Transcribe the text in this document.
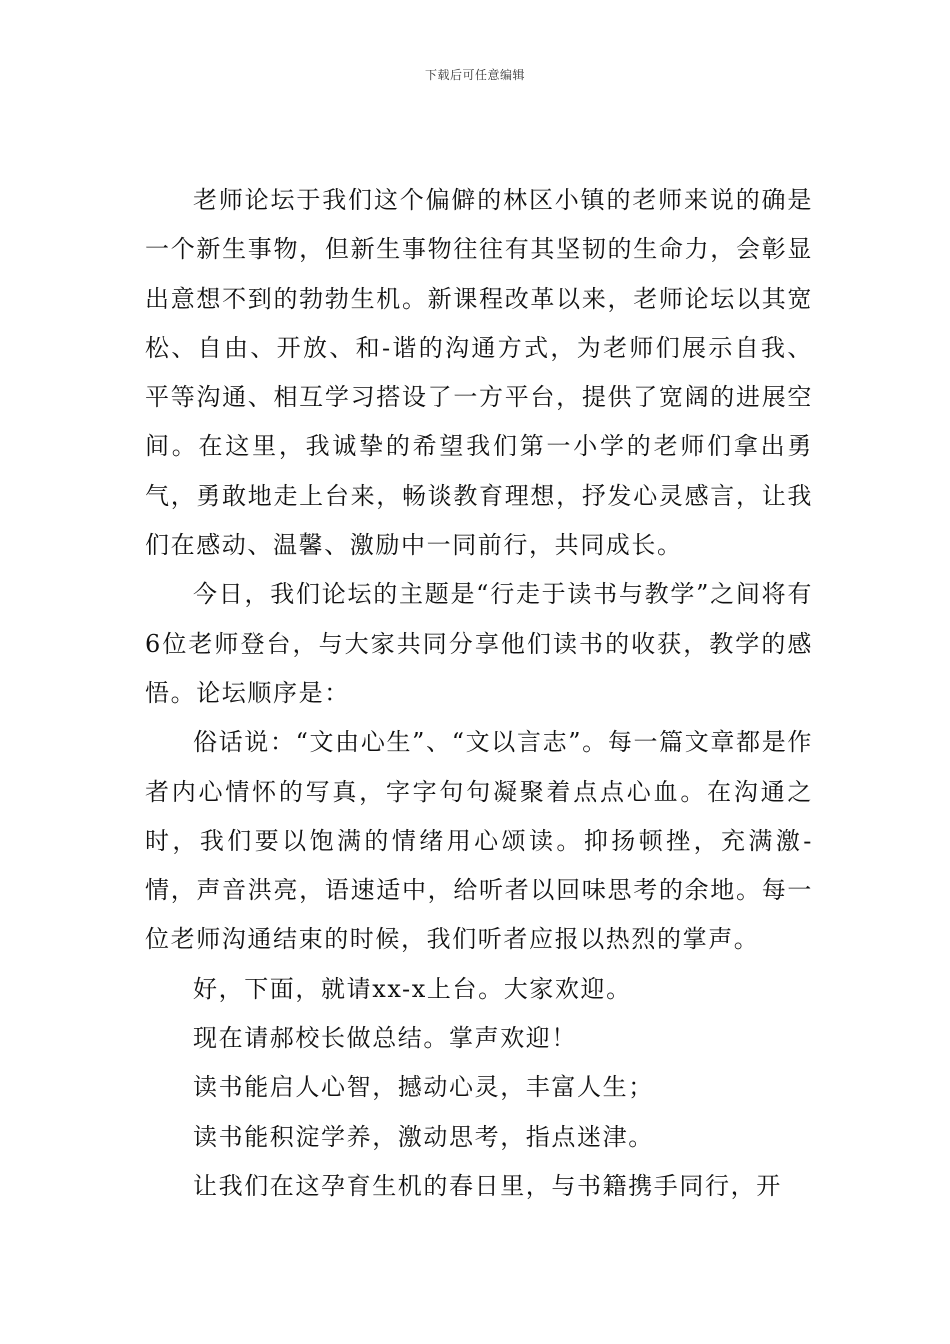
下载后可任意编辑

老师论坛于我们这个偏僻的林区小镇的老师来说的确是一个新生事物，但新生事物往往有其坚韧的生命力，会彰显出意想不到的勃勃生机。新课程改革以来，老师论坛以其宽松、自由、开放、和-谐的沟通方式，为老师们展示自我、平等沟通、相互学习搭设了一方平台，提供了宽阔的进展空间。在这里，我诚挚的希望我们第一小学的老师们拿出勇气，勇敢地走上台来，畅谈教育理想，抒发心灵感言，让我们在感动、温馨、激励中一同前行，共同成长。

今日，我们论坛的主题是“行走于读书与教学”之间将有6位老师登台，与大家共同分享他们读书的收获，教学的感悟。论坛顺序是：

俗话说：“文由心生”、“文以言志”。每一篇文章都是作者内心情怀的写真，字字句句凝聚着点点心血。在沟通之时，我们要以饱满的情绪用心颂读。抑扬顿挫，充满激-情，声音洪亮，语速适中，给听者以回味思考的余地。每一位老师沟通结束的时候，我们听者应报以热烈的掌声。

好，下面，就请xx-x上台。大家欢迎。

现在请郝校长做总结。掌声欢迎！

读书能启人心智，撼动心灵，丰富人生；

读书能积淀学养，激动思考，指点迷津。

让我们在这孕育生机的春日里，与书籍携手同行，开
